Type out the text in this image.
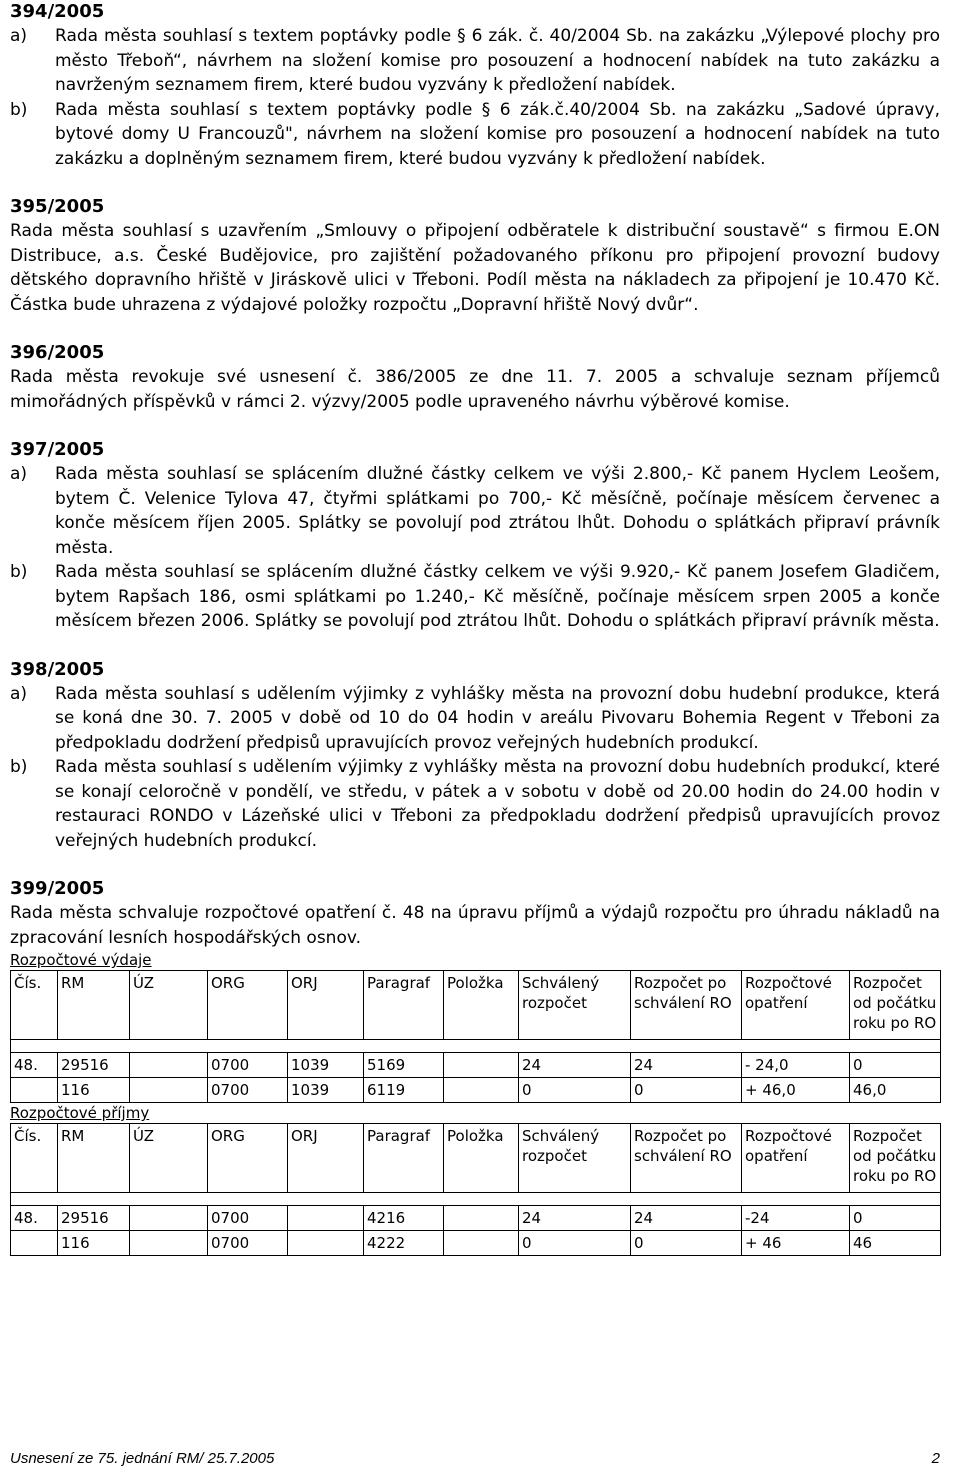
394/2005

a)	Rada města souhlasí s textem poptávky podle § 6 zák. č. 40/2004 Sb. na zakázku „Výlepové plochy pro město Třeboň“, návrhem na složení komise pro posouzení a hodnocení nabídek na tuto zakázku a navrženým seznamem firem, které budou vyzvány k předložení nabídek.
b)	Rada města souhlasí s textem poptávky podle § 6 zák.č.40/2004 Sb. na zakázku „Sadové úpravy, bytové domy U Francouzů", návrhem na složení komise pro posouzení a hodnocení nabídek na tuto zakázku a doplněným seznamem firem, které budou vyzvány k předložení nabídek.

395/2005

Rada města souhlasí s uzavřením „Smlouvy o připojení odběratele k distribuční soustavě“ s firmou E.ON Distribuce, a.s. České Budějovice, pro zajištění požadovaného příkonu pro připojení provozní budovy dětského dopravního hřiště v Jiráskově ulici v Třeboni. Podíl města na nákladech za připojení je 10.470 Kč. Částka bude uhrazena z výdajové položky rozpočtu „Dopravní hřiště Nový dvůr“.

396/2005

Rada města revokuje své usnesení č. 386/2005 ze dne 11. 7. 2005 a schvaluje seznam příjemců mimořádných příspěvků v rámci 2. výzvy/2005 podle upraveného návrhu výběrové komise.

397/2005

a)	Rada města souhlasí se splácením dlužné částky celkem ve výši 2.800,- Kč panem Hyclem Leošem, bytem Č. Velenice Tylova 47, čtyřmi splátkami po 700,- Kč měsíčně, počínaje měsícem červenec a konče měsícem říjen 2005. Splátky se povolují pod ztrátou lhůt. Dohodu o splátkách připraví právník města.
b)	Rada města souhlasí se splácením dlužné částky celkem ve výši 9.920,- Kč panem Josefem Gladičem, bytem Rapšach 186, osmi splátkami po 1.240,- Kč měsíčně, počínaje měsícem srpen 2005 a konče měsícem březen 2006. Splátky se povolují pod ztrátou lhůt. Dohodu o splátkách připraví právník města.

398/2005

a)	Rada města souhlasí s udělením výjimky z vyhlášky města na provozní dobu hudební produkce, která se koná dne 30. 7. 2005 v době od 10 do 04 hodin v areálu Pivovaru Bohemia Regent v Třeboni za předpokladu dodržení předpisů upravujících provoz veřejných hudebních produkcí.
b)	Rada města souhlasí s udělením výjimky z vyhlášky města na provozní dobu hudebních produkcí, které se konají celoročně v pondělí, ve středu, v pátek a v sobotu v době od 20.00 hodin do 24.00 hodin v restauraci RONDO v Lázeňské ulici v Třeboni za předpokladu dodržení předpisů upravujících provoz veřejných hudebních produkcí.

399/2005

Rada města schvaluje rozpočtové opatření č. 48 na úpravu příjmů a výdajů rozpočtu pro úhradu nákladů na zpracování lesních hospodářských osnov.

Rozpočtové výdaje

Čís.	RM	ÚZ	ORG	ORJ	Paragraf	Položka	Schválený rozpočet	Rozpočet po schválení RO	Rozpočtové opatření	Rozpočet od počátku roku po RO

48.	29516		0700	1039	5169		24	24	- 24,0	0
	116		0700	1039	6119		0	0	+ 46,0	46,0

Rozpočtové příjmy

Čís.	RM	ÚZ	ORG	ORJ	Paragraf	Položka	Schválený rozpočet	Rozpočet po schválení RO	Rozpočtové opatření	Rozpočet od počátku roku po RO

48.	29516		0700		4216		24	24	-24	0
	116		0700		4222		0	0	+ 46	46
Usnesení ze 75. jednání RM/ 25.7.2005	2
